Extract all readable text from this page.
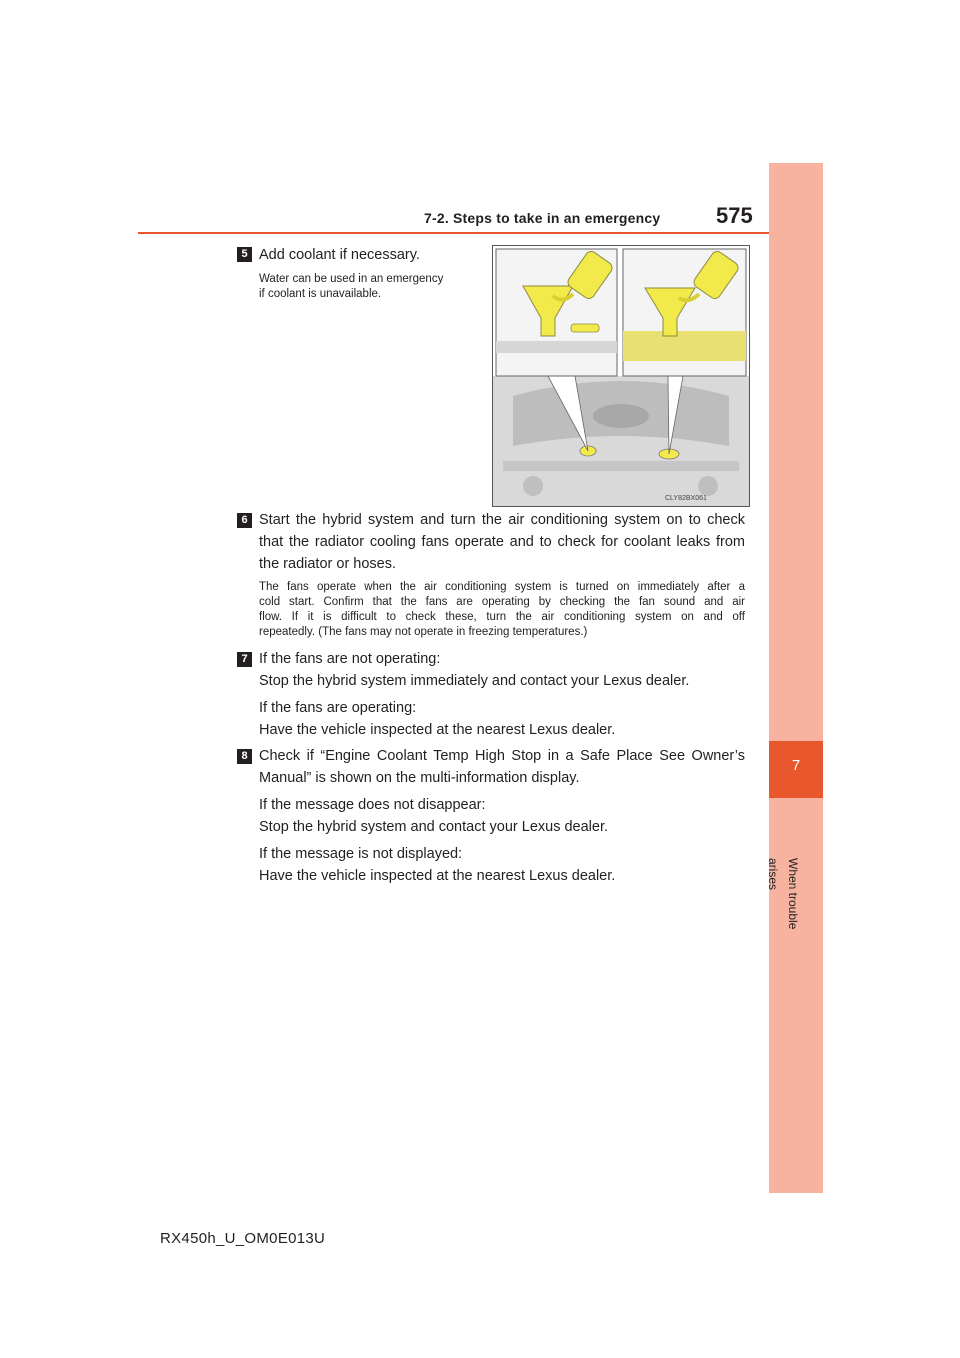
7-2. Steps to take in an emergency	575
7
When trouble arises
5 Add coolant if necessary.
Water can be used in an emergency
if coolant is unavailable.
CLY82BX061
6 Start the hybrid system and turn the air conditioning system on to check
that the radiator cooling fans operate and to check for coolant leaks from
the radiator or hoses.
The fans operate when the air conditioning system is turned on immediately after a
cold start. Confirm that the fans are operating by checking the fan sound and air
flow. If it is difficult to check these, turn the air conditioning system on and off
repeatedly. (The fans may not operate in freezing temperatures.)
7 If the fans are not operating:
Stop the hybrid system immediately and contact your Lexus dealer.
If the fans are operating:
Have the vehicle inspected at the nearest Lexus dealer.
8 Check if “Engine Coolant Temp High Stop in a Safe Place See Owner’s
Manual” is shown on the multi-information display.
If the message does not disappear:
Stop the hybrid system and contact your Lexus dealer.
If the message is not displayed:
Have the vehicle inspected at the nearest Lexus dealer.
RX450h_U_OM0E013U
